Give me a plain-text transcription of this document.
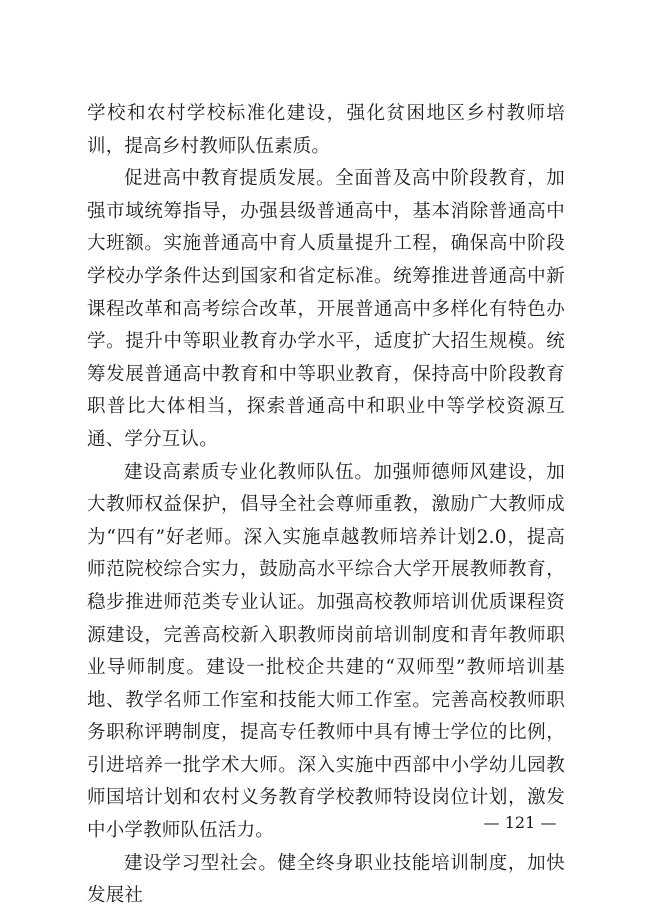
学校和农村学校标准化建设，强化贫困地区乡村教师培训，提高乡村教师队伍素质。

促进高中教育提质发展。全面普及高中阶段教育，加强市域统筹指导，办强县级普通高中，基本消除普通高中大班额。实施普通高中育人质量提升工程，确保高中阶段学校办学条件达到国家和省定标准。统筹推进普通高中新课程改革和高考综合改革，开展普通高中多样化有特色办学。提升中等职业教育办学水平，适度扩大招生规模。统筹发展普通高中教育和中等职业教育，保持高中阶段教育职普比大体相当，探索普通高中和职业中等学校资源互通、学分互认。

建设高素质专业化教师队伍。加强师德师风建设，加大教师权益保护，倡导全社会尊师重教，激励广大教师成为“四有”好老师。深入实施卓越教师培养计划2.0，提高师范院校综合实力，鼓励高水平综合大学开展教师教育，稳步推进师范类专业认证。加强高校教师培训优质课程资源建设，完善高校新入职教师岗前培训制度和青年教师职业导师制度。建设一批校企共建的“双师型”教师培训基地、教学名师工作室和技能大师工作室。完善高校教师职务职称评聘制度，提高专任教师中具有博士学位的比例，引进培养一批学术大师。深入实施中西部中小学幼儿园教师国培计划和农村义务教育学校教师特设岗位计划，激发中小学教师队伍活力。

建设学习型社会。健全终身职业技能培训制度，加快发展社

— 121 —
